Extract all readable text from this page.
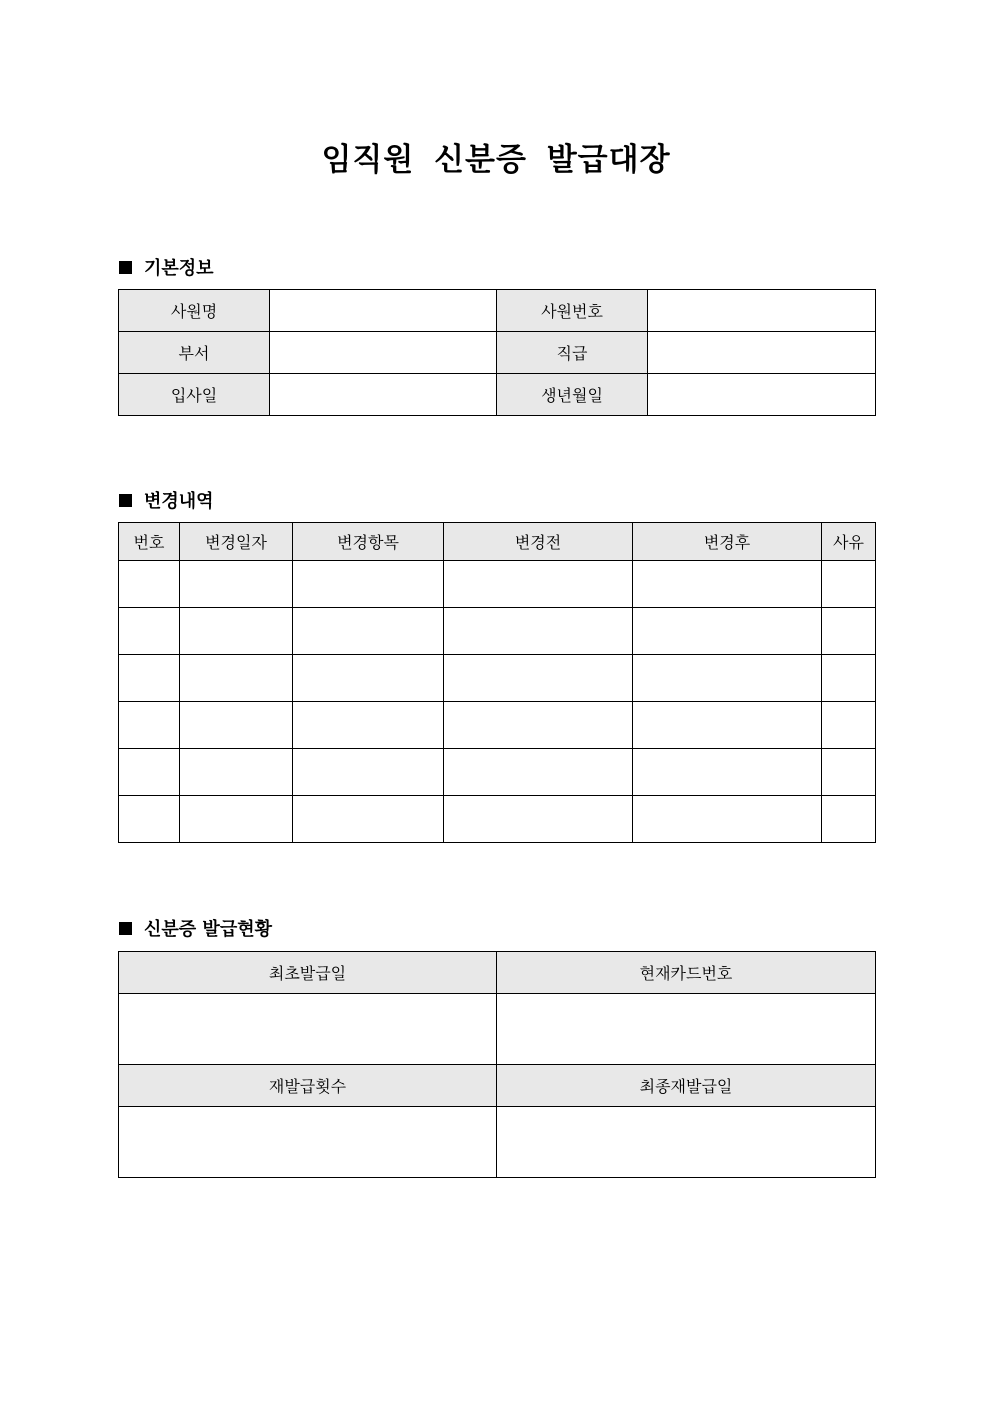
임직원 신분증 발급대장
기본정보
사원명		사원번호	
부서		직급	
입사일		생년월일	
변경내역
번호	변경일자	변경항목	변경전	변경후	사유

신분증 발급현황
최초발급일	현재카드번호

재발급횟수	최종재발급일
